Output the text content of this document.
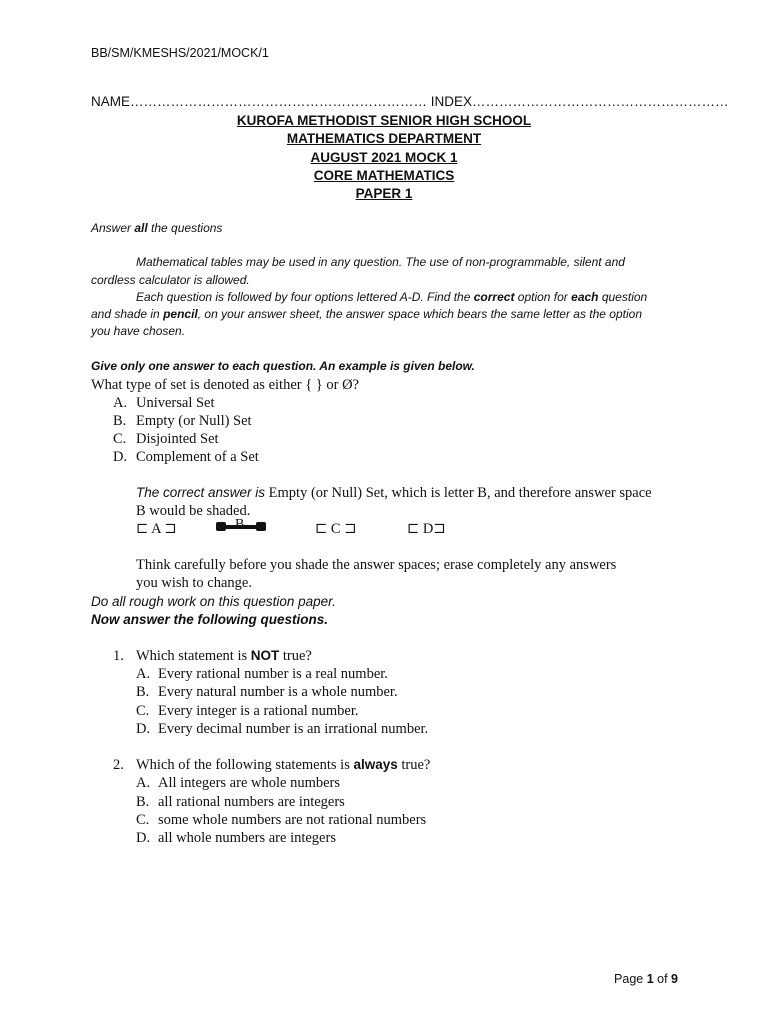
BB/SM/KMESHS/2021/MOCK/1
NAME………………………………………………………… INDEX…………………………………………………
KUROFA METHODIST SENIOR HIGH SCHOOL
MATHEMATICS DEPARTMENT
AUGUST 2021 MOCK 1
CORE MATHEMATICS
PAPER 1
Answer all the questions
Mathematical tables may be used in any question. The use of non-programmable, silent and
cordless calculator is allowed.
Each question is followed by four options lettered A-D. Find the correct option for each question
and shade in pencil, on your answer sheet, the answer space which bears the same letter as the option
you have chosen.
Give only one answer to each question. An example is given below.
What type of set is denoted as either { } or Ø?
A. Universal Set
B. Empty (or Null) Set
C. Disjointed Set
D. Complement of a Set
The correct answer is Empty (or Null) Set, which is letter B, and therefore answer space
B would be shaded.
⊏ A ⊐	B	⊏ C ⊐	⊏ D⊐
Think carefully before you shade the answer spaces; erase completely any answers
you wish to change.
Do all rough work on this question paper.
Now answer the following questions.
1. Which statement is NOT true?
A. Every rational number is a real number.
B. Every natural number is a whole number.
C. Every integer is a rational number.
D. Every decimal number is an irrational number.
2. Which of the following statements is always true?
A. All integers are whole numbers
B. all rational numbers are integers
C. some whole numbers are not rational numbers
D. all whole numbers are integers
Page 1 of 9
